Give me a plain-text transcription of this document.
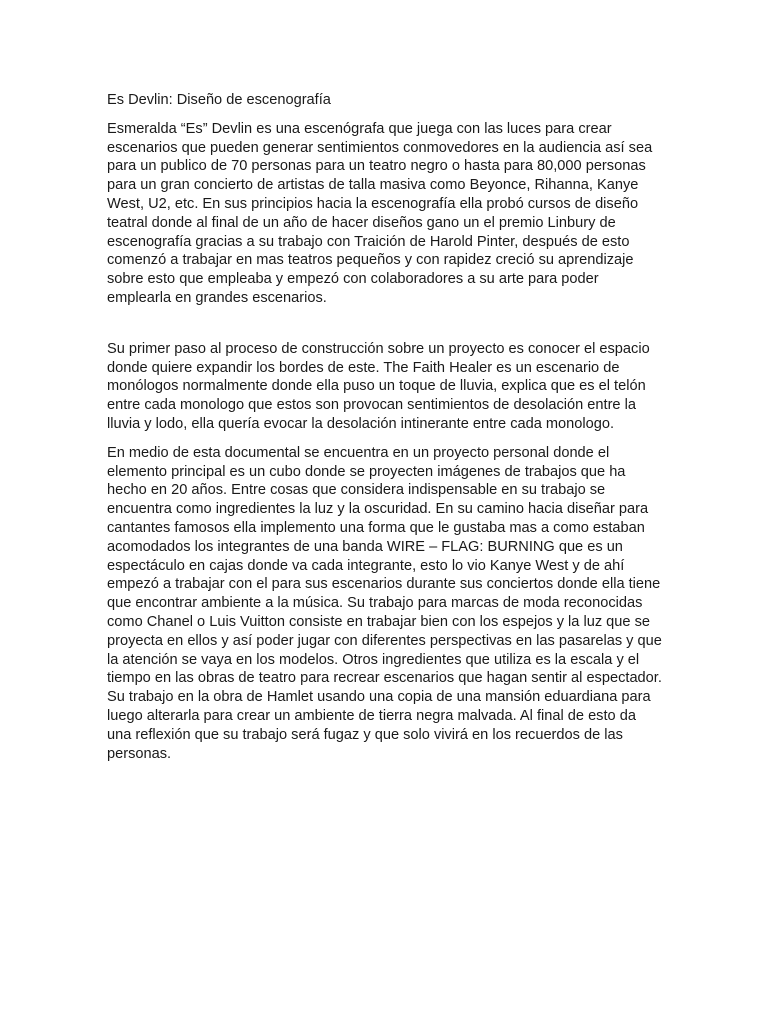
Es Devlin: Diseño de escenografía

Esmeralda “Es” Devlin es una escenógrafa que juega con las luces para crear escenarios que pueden generar sentimientos conmovedores en la audiencia así sea para un publico de 70 personas para un teatro negro o hasta para 80,000 personas para un gran concierto de artistas de talla masiva como Beyonce, Rihanna, Kanye West, U2, etc. En sus principios hacia la escenografía ella probó cursos de diseño teatral donde al final de un año de hacer diseños gano un el premio Linbury de escenografía gracias a su trabajo con Traición de Harold Pinter, después de esto comenzó a trabajar en mas teatros pequeños y con rapidez creció su aprendizaje sobre esto que empleaba y empezó con colaboradores a su arte para poder emplearla en grandes escenarios.

Su primer paso al proceso de construcción sobre un proyecto es conocer el espacio donde quiere expandir los bordes de este. The Faith Healer es un escenario de monólogos normalmente donde ella puso un toque de lluvia, explica que es el telón entre cada monologo que estos son provocan sentimientos de desolación entre la lluvia y lodo, ella quería evocar la desolación intinerante entre cada monologo.

En medio de esta documental se encuentra en un proyecto personal donde el elemento principal es un cubo donde se proyecten imágenes de trabajos que ha hecho en 20 años. Entre cosas que considera indispensable en su trabajo se encuentra como ingredientes la luz y la oscuridad. En su camino hacia diseñar para cantantes famosos ella implemento una forma que le gustaba mas a como estaban acomodados los integrantes de una banda WIRE – FLAG: BURNING que es un espectáculo en cajas donde va cada integrante, esto lo vio Kanye West y de ahí empezó a trabajar con el para sus escenarios durante sus conciertos donde ella tiene que encontrar ambiente a la música. Su trabajo para marcas de moda reconocidas como Chanel o Luis Vuitton consiste en trabajar bien con los espejos y la luz que se proyecta en ellos y así poder jugar con diferentes perspectivas en las pasarelas y que la atención se vaya en los modelos. Otros ingredientes que utiliza es la escala y el tiempo en las obras de teatro para recrear escenarios que hagan sentir al espectador. Su trabajo en la obra de Hamlet usando una copia de una mansión eduardiana para luego alterarla para crear un ambiente de tierra negra malvada. Al final de esto da una reflexión que su trabajo será fugaz y que solo vivirá en los recuerdos de las personas.
